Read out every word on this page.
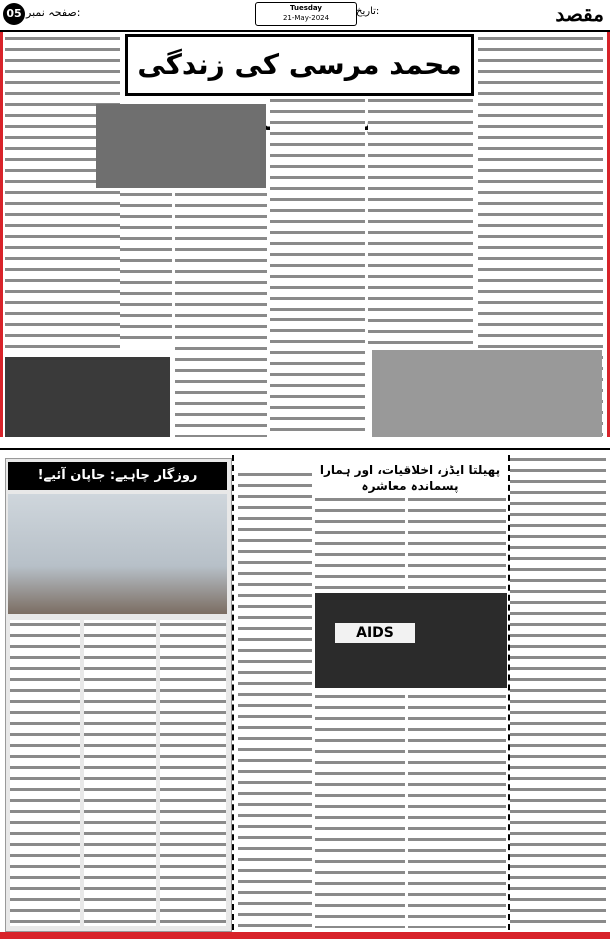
مقصد
Tuesday
21-May-2024
تاریخ:
صفحہ نمبر:
05
محمد مرسی کی زندگی
پھیلتا ایڈز، اخلاقیات، اور ہمارا پسماندہ معاشرہ
AIDS
روزگار چاہیے: جاپان آئیے!
